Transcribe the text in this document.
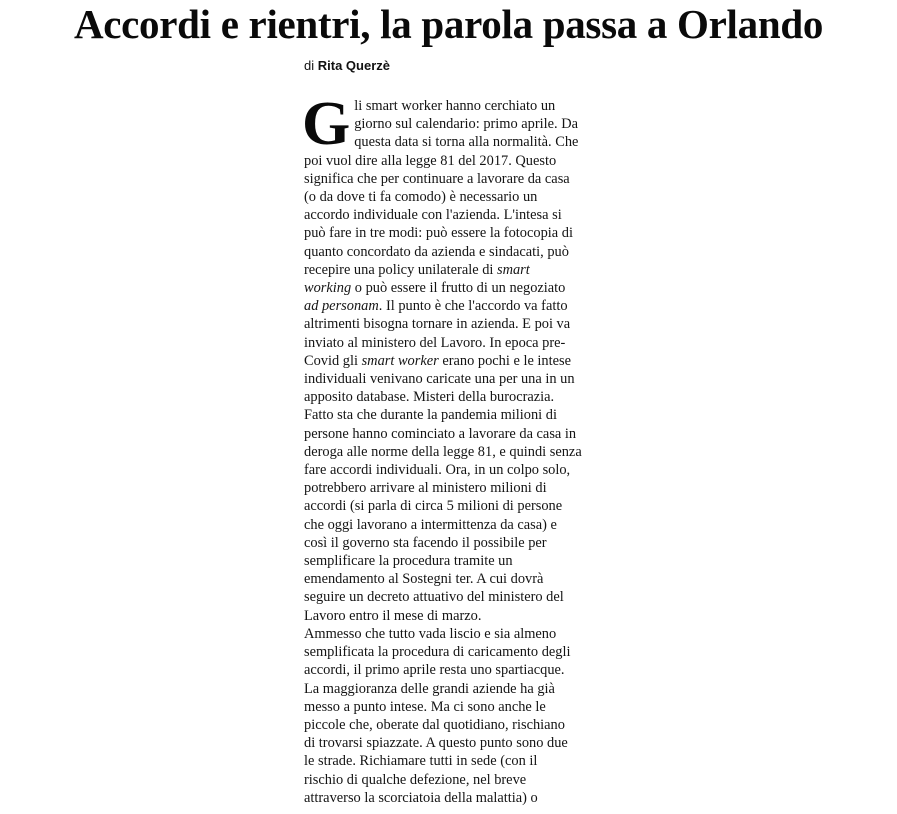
Accordi e rientri, la parola passa a Orlando
di Rita Querzè
G li smart worker hanno cerchiato un
giorno sul calendario: primo aprile. Da
questa data si torna alla normalità. Che
poi vuol dire alla legge 81 del 2017. Questo
significa che per continuare a lavorare da casa
(o da dove ti fa comodo) è necessario un
accordo individuale con l'azienda. L'intesa si
può fare in tre modi: può essere la fotocopia di
quanto concordato da azienda e sindacati, può
recepire una policy unilaterale di smart
working o può essere il frutto di un negoziato
ad personam. Il punto è che l'accordo va fatto
altrimenti bisogna tornare in azienda. E poi va
inviato al ministero del Lavoro. In epoca pre-
Covid gli smart worker erano pochi e le intese
individuali venivano caricate una per una in un
apposito database. Misteri della burocrazia.
Fatto sta che durante la pandemia milioni di
persone hanno cominciato a lavorare da casa in
deroga alle norme della legge 81, e quindi senza
fare accordi individuali. Ora, in un colpo solo,
potrebbero arrivare al ministero milioni di
accordi (si parla di circa 5 milioni di persone
che oggi lavorano a intermittenza da casa) e
così il governo sta facendo il possibile per
semplificare la procedura tramite un
emendamento al Sostegni ter. A cui dovrà
seguire un decreto attuativo del ministero del
Lavoro entro il mese di marzo.
Ammesso che tutto vada liscio e sia almeno
semplificata la procedura di caricamento degli
accordi, il primo aprile resta uno spartiacque.
La maggioranza delle grandi aziende ha già
messo a punto intese. Ma ci sono anche le
piccole che, oberate dal quotidiano, rischiano
di trovarsi spiazzate. A questo punto sono due
le strade. Richiamare tutti in sede (con il
rischio di qualche defezione, nel breve
attraverso la scorciatoia della malattia) o
